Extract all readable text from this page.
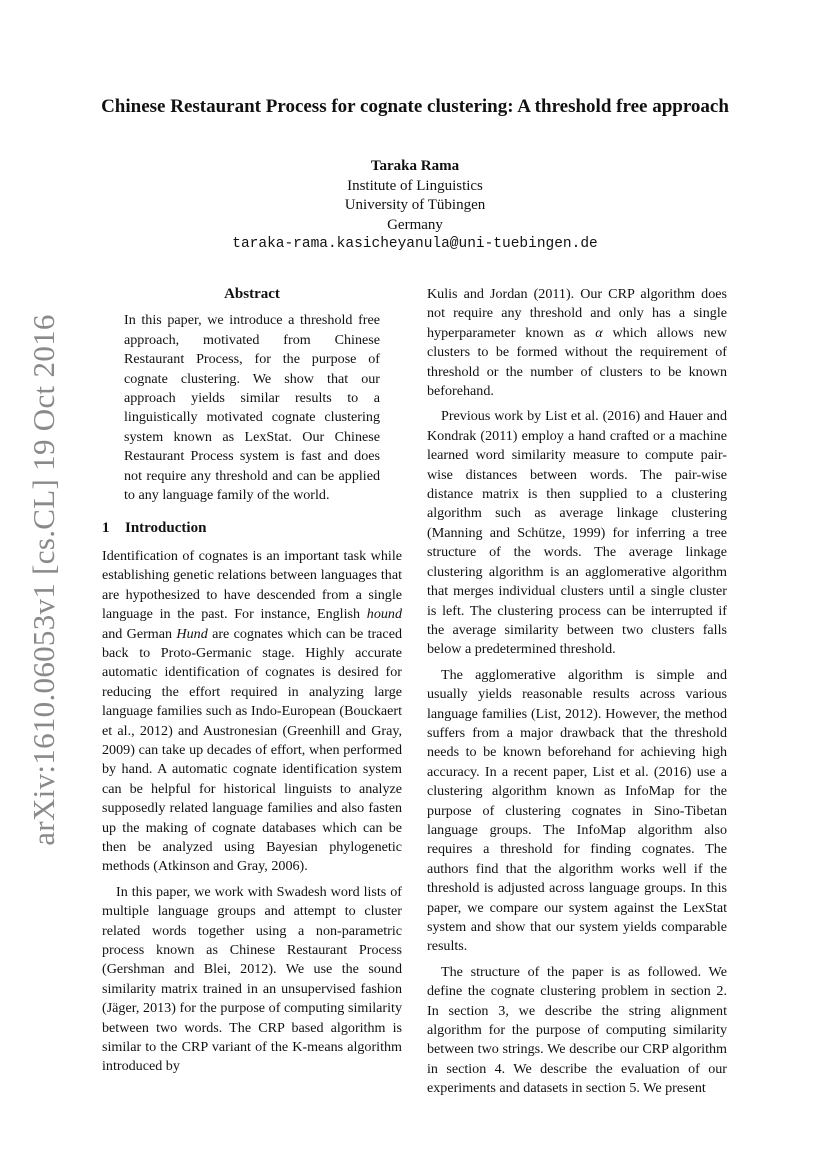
arXiv:1610.06053v1 [cs.CL] 19 Oct 2016
Chinese Restaurant Process for cognate clustering: A threshold free approach
Taraka Rama
Institute of Linguistics
University of Tübingen
Germany
taraka-rama.kasicheyanula@uni-tuebingen.de
Abstract
In this paper, we introduce a threshold free approach, motivated from Chinese Restaurant Process, for the purpose of cognate clustering. We show that our approach yields similar results to a linguistically motivated cognate clustering system known as LexStat. Our Chinese Restaurant Process system is fast and does not require any threshold and can be applied to any language family of the world.
1 Introduction

Identification of cognates is an important task while establishing genetic relations between languages that are hypothesized to have descended from a single language in the past. For instance, English hound and German Hund are cognates which can be traced back to Proto-Germanic stage. Highly accurate automatic identification of cognates is desired for reducing the effort required in analyzing large language families such as Indo-European (Bouckaert et al., 2012) and Austronesian (Greenhill and Gray, 2009) can take up decades of effort, when performed by hand. A automatic cognate identification system can be helpful for historical linguists to analyze supposedly related language families and also fasten up the making of cognate databases which can be then be analyzed using Bayesian phylogenetic methods (Atkinson and Gray, 2006).

In this paper, we work with Swadesh word lists of multiple language groups and attempt to cluster related words together using a non-parametric process known as Chinese Restaurant Process (Gershman and Blei, 2012). We use the sound similarity matrix trained in an unsupervised fashion (Jäger, 2013) for the purpose of computing similarity between two words. The CRP based algorithm is similar to the CRP variant of the K-means algorithm introduced by

Kulis and Jordan (2011). Our CRP algorithm does not require any threshold and only has a single hyperparameter known as α which allows new clusters to be formed without the requirement of threshold or the number of clusters to be known beforehand.

Previous work by List et al. (2016) and Hauer and Kondrak (2011) employ a hand crafted or a machine learned word similarity measure to compute pair-wise distances between words. The pair-wise distance matrix is then supplied to a clustering algorithm such as average linkage clustering (Manning and Schütze, 1999) for inferring a tree structure of the words. The average linkage clustering algorithm is an agglomerative algorithm that merges individual clusters until a single cluster is left. The clustering process can be interrupted if the average similarity between two clusters falls below a predetermined threshold.

The agglomerative algorithm is simple and usually yields reasonable results across various language families (List, 2012). However, the method suffers from a major drawback that the threshold needs to be known beforehand for achieving high accuracy. In a recent paper, List et al. (2016) use a clustering algorithm known as InfoMap for the purpose of clustering cognates in Sino-Tibetan language groups. The InfoMap algorithm also requires a threshold for finding cognates. The authors find that the algorithm works well if the threshold is adjusted across language groups. In this paper, we compare our system against the LexStat system and show that our system yields comparable results.

The structure of the paper is as followed. We define the cognate clustering problem in section 2. In section 3, we describe the string alignment algorithm for the purpose of computing similarity between two strings. We describe our CRP algorithm in section 4. We describe the evaluation of our experiments and datasets in section 5. We present
